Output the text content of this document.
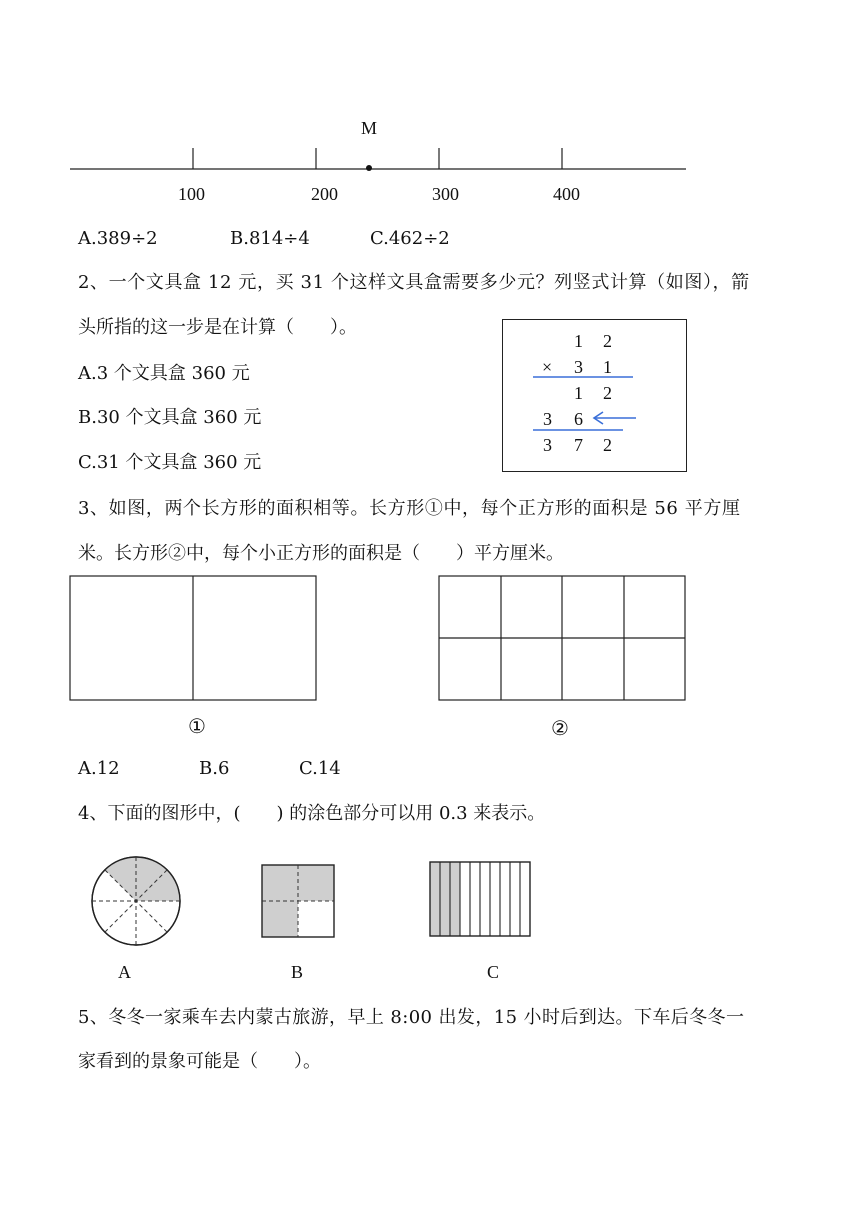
M
100	200	300	400
A.389÷2	B.814÷4	C.462÷2
2、一个文具盒 12 元，买 31 个这样文具盒需要多少元？列竖式计算（如图），箭
头所指的这一步是在计算（　　）。
A.3 个文具盒 360 元
B.30 个文具盒 360 元
C.31 个文具盒 360 元
1 2
× 3 1
1 2
3 6
3 7 2
3、如图，两个长方形的面积相等。长方形①中，每个正方形的面积是 56 平方厘
米。长方形②中，每个小正方形的面积是（　　）平方厘米。
①	②
A.12	B.6	C.14
4、下面的图形中，(　　) 的涂色部分可以用 0.3 来表示。
A	B	C
5、冬冬一家乘车去内蒙古旅游，早上 8:00 出发，15 小时后到达。下车后冬冬一
家看到的景象可能是（　　）。
